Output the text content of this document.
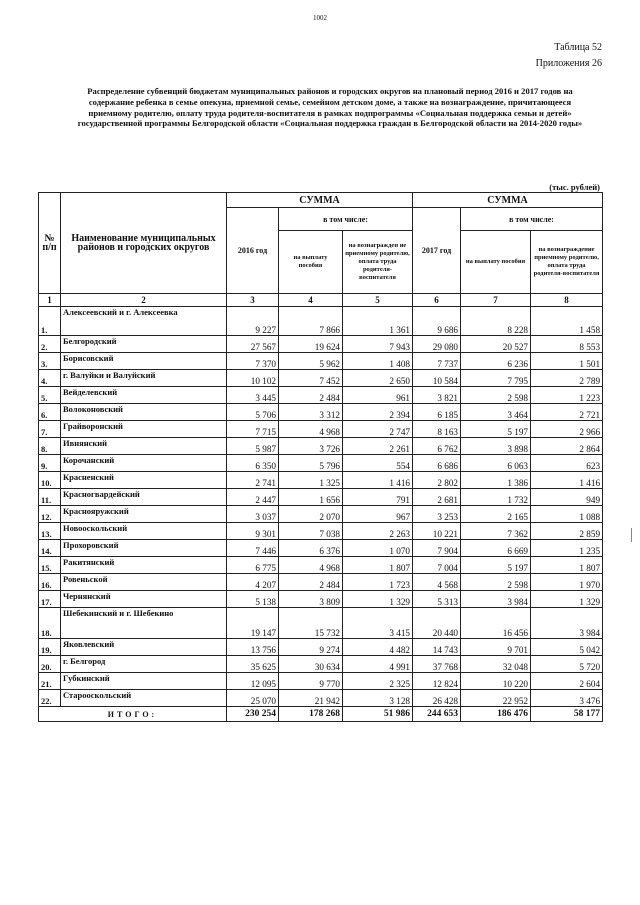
1002
Таблица 52
Приложения 26
Распределение субвенций бюджетам муниципальных районов и городских округов на плановый период 2016 и 2017 годов на содержание ребенка в семье опекуна, приемной семье, семейном детском доме, а также на вознаграждение, причитающееся приемному родителю, оплату труда родителя-воспитателя в рамках подпрограммы «Социальная поддержка семьи и детей» государственной программы Белгородской области «Социальная поддержка граждан в Белгородской области на 2014-2020 годы»
(тыс. рублей)
№ п/п	Наименование муниципальных районов и городских округов	СУММА			СУММА		
		2016 год	в том числе:		2017 год	в том числе:	
			на выплату пособия	на вознагражден ие приемному родителю, оплата труда родителя-воспитателя		на выплату пособия	на вознаграждение приемному родителю, оплата труда родителя-воспитателя
1	2	3	4	5	6	7	8
1.	Алексеевский и г. Алексеевка	9 227	7 866	1 361	9 686	8 228	1 458
2.	Белгородский	27 567	19 624	7 943	29 080	20 527	8 553
3.	Борисовский	7 370	5 962	1 408	7 737	6 236	1 501
4.	г. Валуйки и Валуйский	10 102	7 452	2 650	10 584	7 795	2 789
5.	Вейделевский	3 445	2 484	961	3 821	2 598	1 223
6.	Волоконовский	5 706	3 312	2 394	6 185	3 464	2 721
7.	Грайворонский	7 715	4 968	2 747	8 163	5 197	2 966
8.	Ивнянский	5 987	3 726	2 261	6 762	3 898	2 864
9.	Корочанский	6 350	5 796	554	6 686	6 063	623
10.	Красненский	2 741	1 325	1 416	2 802	1 386	1 416
11.	Красногвардейский	2 447	1 656	791	2 681	1 732	949
12.	Краснояружский	3 037	2 070	967	3 253	2 165	1 088
13.	Новооскольский	9 301	7 038	2 263	10 221	7 362	2 859
14.	Прохоровский	7 446	6 376	1 070	7 904	6 669	1 235
15.	Ракитянский	6 775	4 968	1 807	7 004	5 197	1 807
16.	Ровеньской	4 207	2 484	1 723	4 568	2 598	1 970
17.	Чернянский	5 138	3 809	1 329	5 313	3 984	1 329
18.	Шебекинский и г. Шебекино	19 147	15 732	3 415	20 440	16 456	3 984
19.	Яковлевский	13 756	9 274	4 482	14 743	9 701	5 042
20.	г. Белгород	35 625	30 634	4 991	37 768	32 048	5 720
21.	Губкинский	12 095	9 770	2 325	12 824	10 220	2 604
22.	Старооскольский	25 070	21 942	3 128	26 428	22 952	3 476
ИТОГО:		230 254	178 268	51 986	244 653	186 476	58 177
